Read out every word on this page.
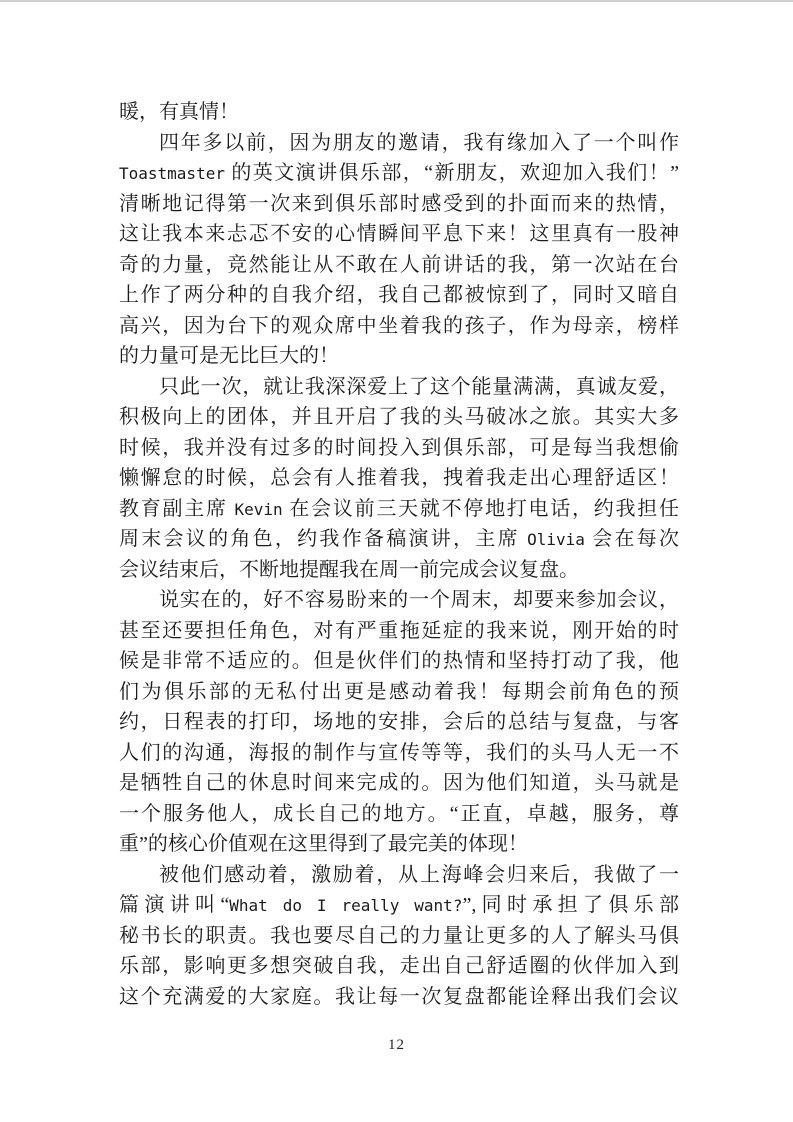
暖，有真情！
四年多以前，因为朋友的邀请，我有缘加入了一个叫作
Toastmaster 的英文演讲俱乐部，“新朋友，欢迎加入我们！”
清晰地记得第一次来到俱乐部时感受到的扑面而来的热情，
这让我本来忐忑不安的心情瞬间平息下来！这里真有一股神
奇的力量，竞然能让从不敢在人前讲话的我，第一次站在台
上作了两分种的自我介绍，我自己都被惊到了，同时又暗自
高兴，因为台下的观众席中坐着我的孩子，作为母亲，榜样
的力量可是无比巨大的！
只此一次，就让我深深爱上了这个能量满满，真诚友爱，
积极向上的团体，并且开启了我的头马破冰之旅。其实大多
时候，我并没有过多的时间投入到俱乐部，可是每当我想偷
懒懈怠的时候，总会有人推着我，拽着我走出心理舒适区！
教育副主席 Kevin 在会议前三天就不停地打电话，约我担任
周末会议的角色，约我作备稿演讲，主席 Olivia 会在每次
会议结束后，不断地提醒我在周一前完成会议复盘。
说实在的，好不容易盼来的一个周末，却要来参加会议，
甚至还要担任角色，对有严重拖延症的我来说，刚开始的时
候是非常不适应的。但是伙伴们的热情和坚持打动了我，他
们为俱乐部的无私付出更是感动着我！每期会前角色的预
约，日程表的打印，场地的安排，会后的总结与复盘，与客
人们的沟通，海报的制作与宣传等等，我们的头马人无一不
是牺牲自己的休息时间来完成的。因为他们知道，头马就是
一个服务他人，成长自己的地方。“正直，卓越，服务，尊
重”的核心价值观在这里得到了最完美的体现！
被他们感动着，激励着，从上海峰会归来后，我做了一
篇演讲叫“What do I really want?”,同时承担了俱乐部
秘书长的职责。我也要尽自己的力量让更多的人了解头马俱
乐部，影响更多想突破自我，走出自己舒适圈的伙伴加入到
这个充满爱的大家庭。我让每一次复盘都能诠释出我们会议
12
